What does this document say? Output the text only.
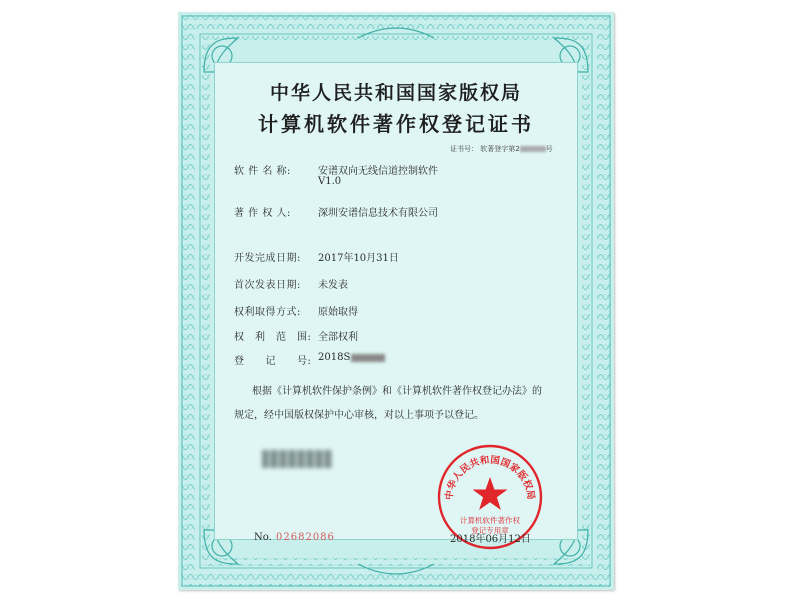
中华人民共和国国家版权局
计算机软件著作权登记证书
证书号： 软著登字第2	号
软 件 名 称:	安谱双向无线信道控制软件
V1.0
著 作 权 人:	深圳安谱信息技术有限公司
开发完成日期: 2017年10月31日
首次发表日期: 未发表
权利取得方式: 原始取得
权　利　范　围: 全部权利
登　　记　　号: 2018S
根据《计算机软件保护条例》和《计算机软件著作权登记办法》的
规定，经中国版权保护中心审核，对以上事项予以登记。
中华人民共和国国家版权局
计算机软件著作权
登记专用章
No. 02682086	2018年06月12日
